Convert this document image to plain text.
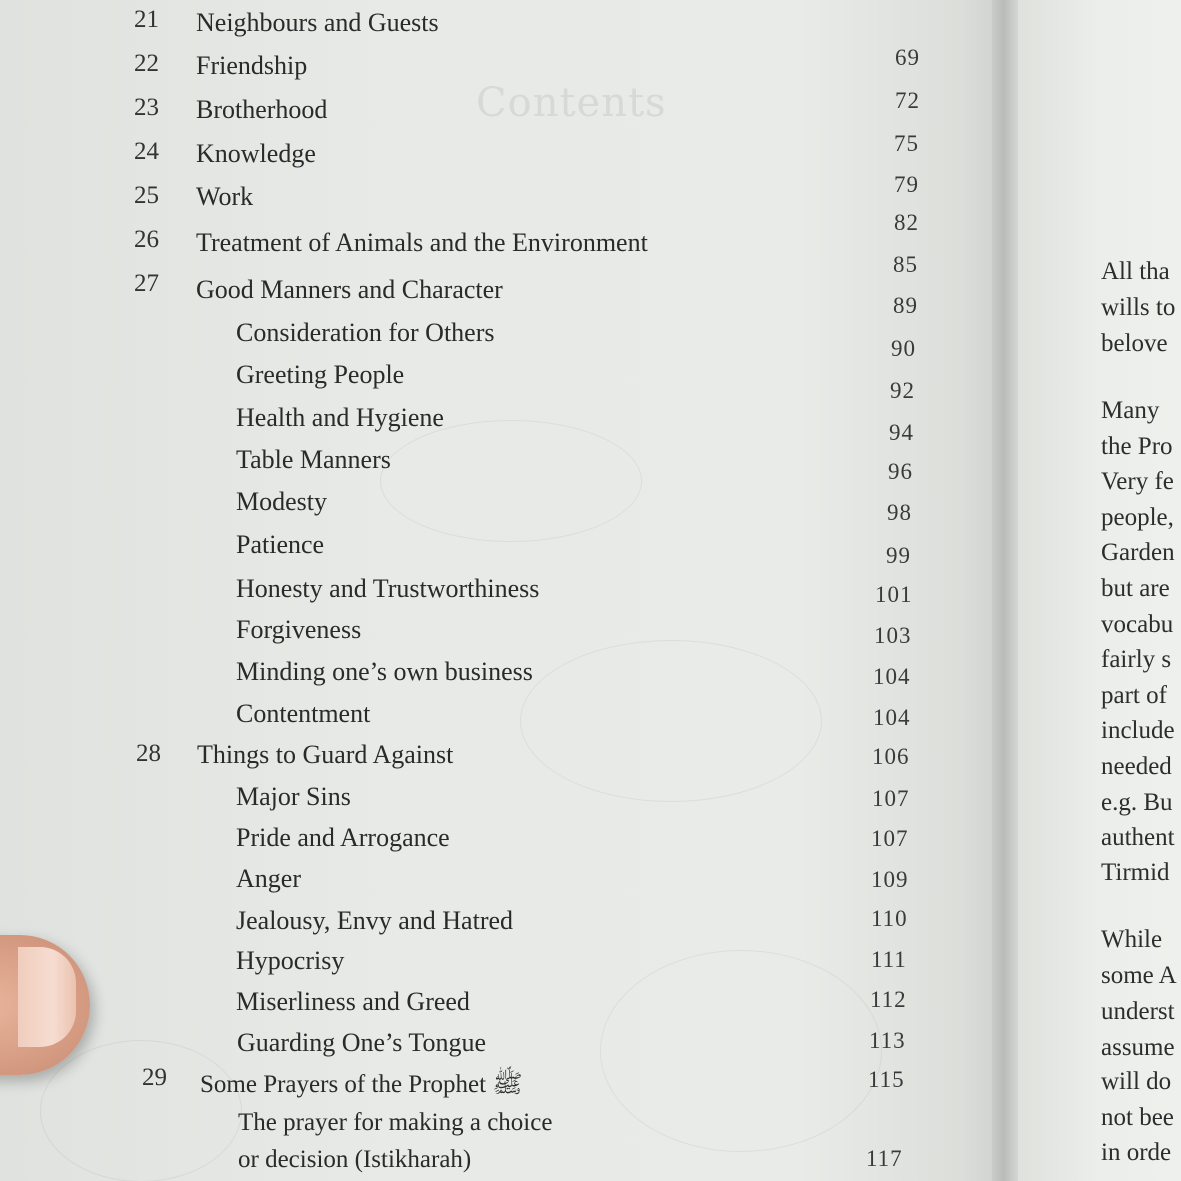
Contents
21
22
23
24
25
26
27
28
29
Neighbours and Guests
Friendship
Brotherhood
Knowledge
Work
Treatment of Animals and the Environment
Good Manners and Character
Consideration for Others
Greeting People
Health and Hygiene
Table Manners
Modesty
Patience
Honesty and Trustworthiness
Forgiveness
Minding one’s own business
Contentment
Things to Guard Against
Major Sins
Pride and Arrogance
Anger
Jealousy, Envy and Hatred
Hypocrisy
Miserliness and Greed
Guarding One’s Tongue
Some Prayers of the Prophet ﷺ
The prayer for making a choice
or decision (Istikharah)
69
72
75
79
82
85
89
90
92
94
96
98
99
101
103
104
104
106
107
107
109
110
111
112
113
115
117
All tha
wills to
belove
Many
the Pro
Very fe
people,
Garden
but are
vocabu
fairly s
part of
include
needed
e.g. Bu
authent
Tirmid
While
some A
underst
assume
will do
not bee
in orde
